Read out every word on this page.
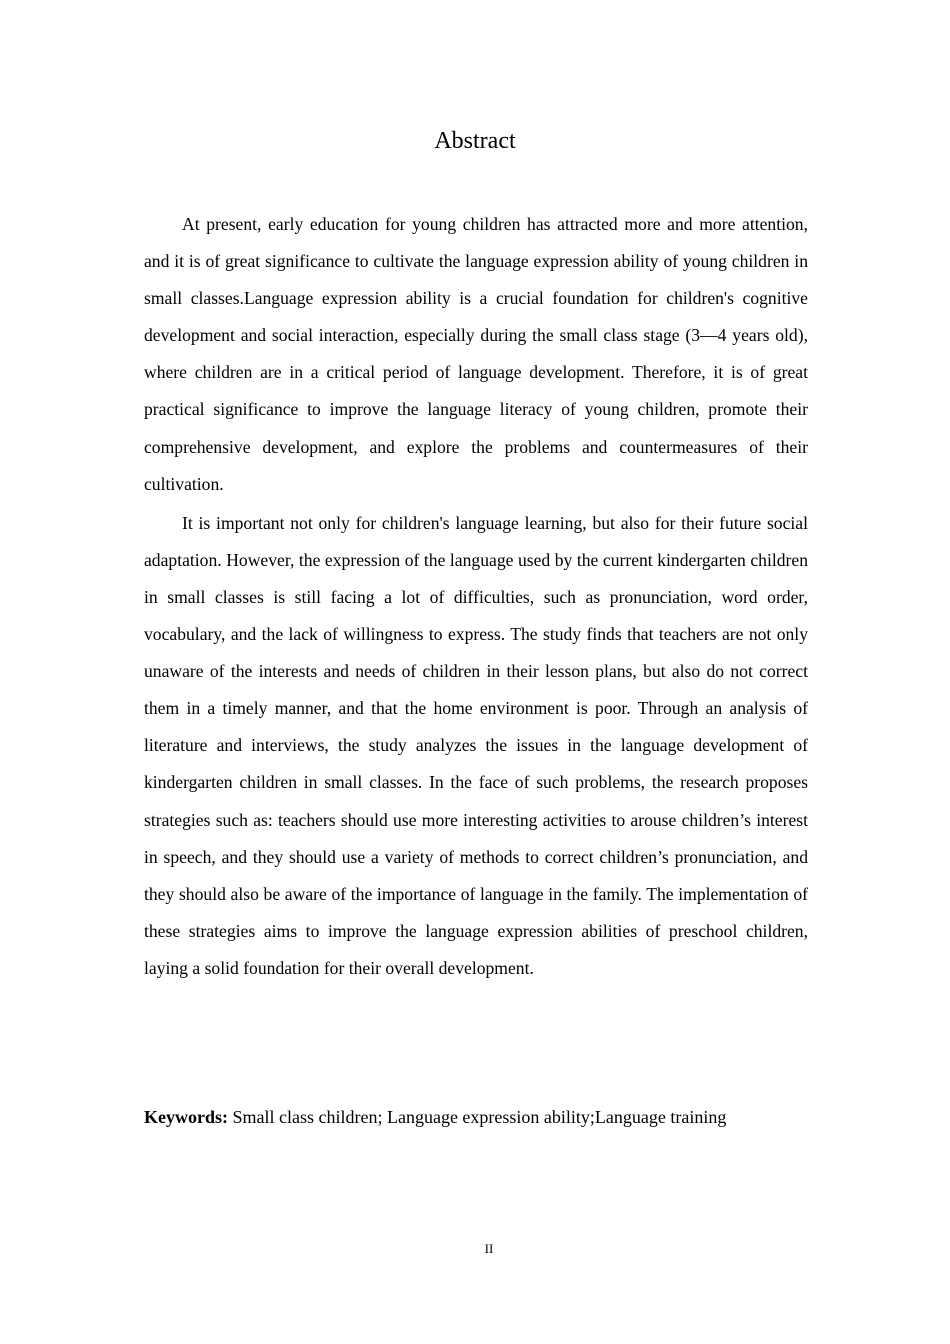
Abstract

At present, early education for young children has attracted more and more attention, and it is of great significance to cultivate the language expression ability of young children in small classes.Language expression ability is a crucial foundation for children's cognitive development and social interaction, especially during the small class stage (3—4 years old), where children are in a critical period of language development. Therefore, it is of great practical significance to improve the language literacy of young children, promote their comprehensive development, and explore the problems and countermeasures of their cultivation.

It is important not only for children's language learning, but also for their future social adaptation. However, the expression of the language used by the current kindergarten children in small classes is still facing a lot of difficulties, such as pronunciation, word order, vocabulary, and the lack of willingness to express. The study finds that teachers are not only unaware of the interests and needs of children in their lesson plans, but also do not correct them in a timely manner, and that the home environment is poor. Through an analysis of literature and interviews, the study analyzes the issues in the language development of kindergarten children in small classes. In the face of such problems, the research proposes strategies such as: teachers should use more interesting activities to arouse children’s interest in speech, and they should use a variety of methods to correct children’s pronunciation, and they should also be aware of the importance of language in the family. The implementation of these strategies aims to improve the language expression abilities of preschool children, laying a solid foundation for their overall development.

Keywords: Small class children; Language expression ability;Language training

II
